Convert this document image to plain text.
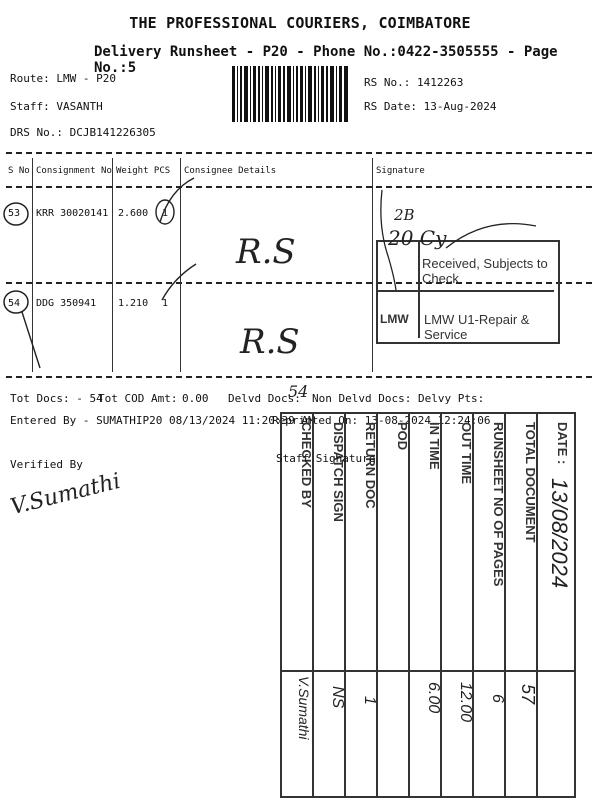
THE PROFESSIONAL COURIERS, COIMBATORE
Delivery Runsheet - P20 - Phone No.:0422-3505555 - Page No.:5
Route: LMW - P20
Staff: VASANTH
DRS No.: DCJB141226305
RS No.: 1412263
RS Date: 13-Aug-2024
S No Consignment No Weight PCS Consignee Details	Signature
53 KRR 30020141 2.600 1
R.S
54 DDG 350941 1.210 1
R.S
Received, Subjects to Check
LMW LMW U1-Repair & Service
2B
20 Cy
Tot Docs: - 54
Tot COD Amt: 0.00 Delvd Docs:
54 Non Delvd Docs: Delvy Pts:
Entered By - SUMATHIP20 08/13/2024 11:20:39 AM
Reprinted On: 13-08-2024 12:24:06
Verified By
V.Sumathi
Staff Signature	DATE :
TOTAL DOCUMENT
RUNSHEET NO OF PAGES
OUT TIME
IN TIME
POD
RETURN DOC
DISPATCH SIGN
CHECKED BY
13/08/2024
57
6
12.00
6.00
1
NS
V.Sumathi
